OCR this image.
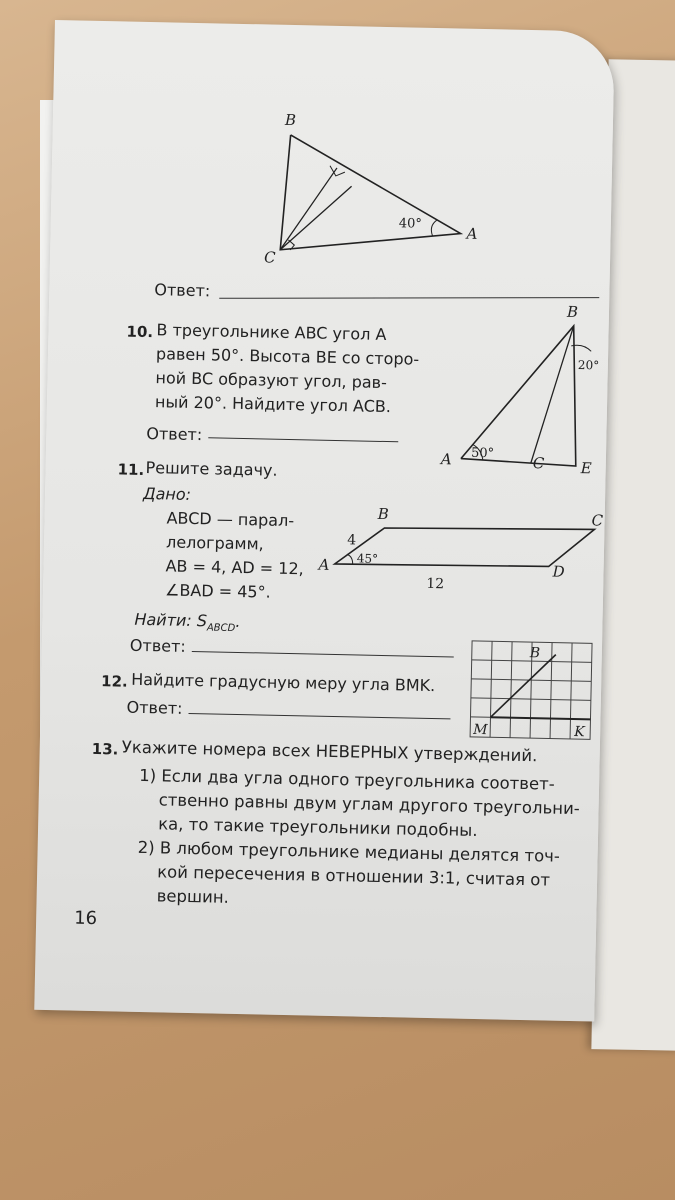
B
C
A
40°
Ответ:
10. В треугольнике ABC угол A
равен 50°. Высота BE со сторо-
ной BC образуют угол, рав-
ный 20°. Найдите угол ACB.
Ответ:
B
A	C E
50°
20°
11. Решите задачу.
Дано:
ABCD — парал-
лелограмм,
AB = 4, AD = 12,
∠BAD = 45°.
Найти: $S_{ABCD}$.
Ответ:
A
B	C
D
4
12
45°
12. Найдите градусную меру угла BMK.
Ответ:
B
M	K
13. Укажите номера всех НЕВЕРНЫХ утверждений.
1) Если два угла одного треугольника соответ-
ственно равны двум углам другого треугольни-
ка, то такие треугольники подобны.
2) В любом треугольнике медианы делятся точ-
кой пересечения в отношении 3:1, считая от
вершин.
16
